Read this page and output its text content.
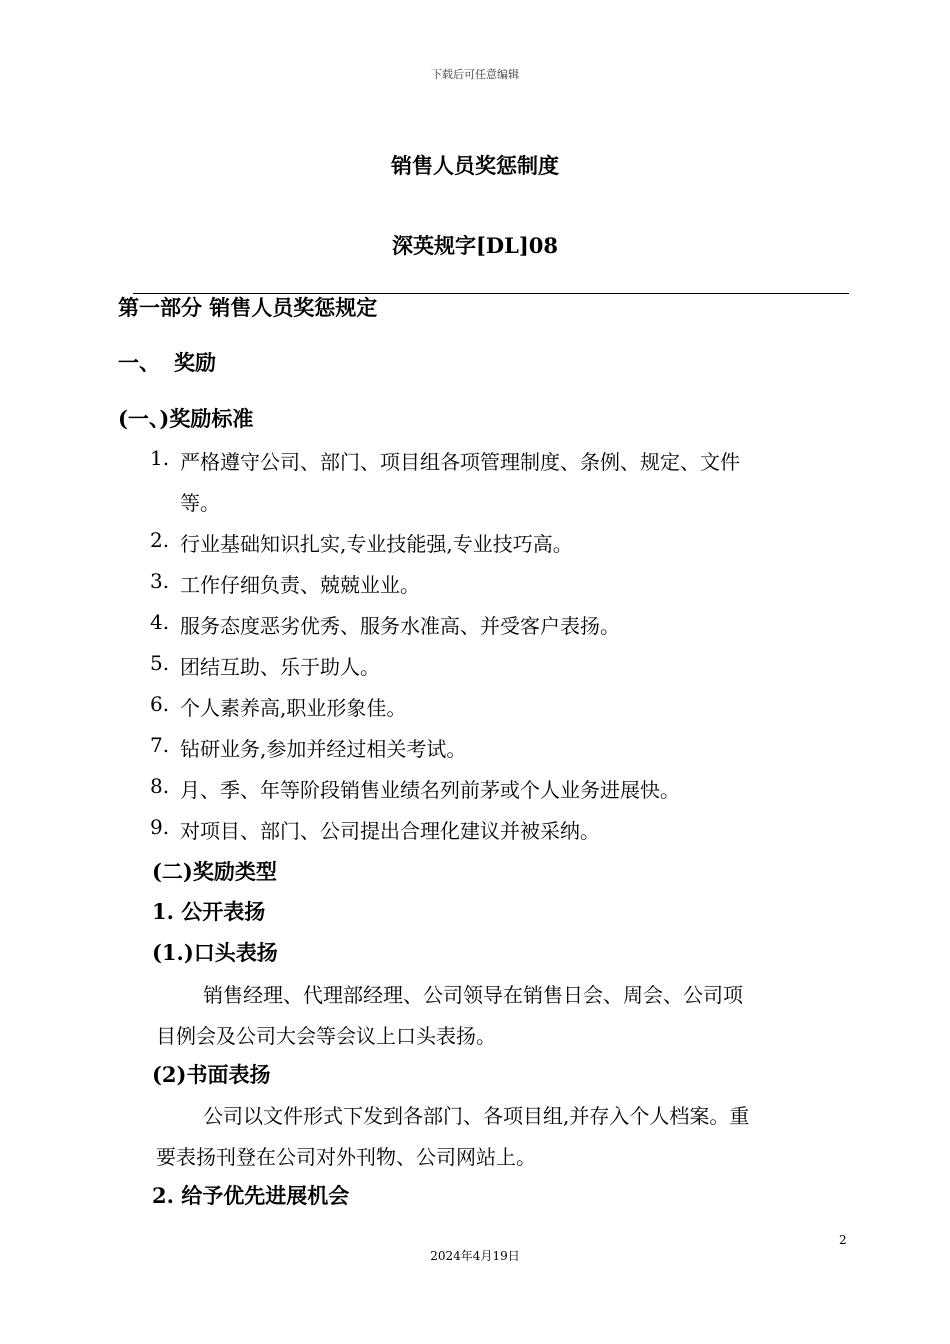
下载后可任意编辑
销售人员奖惩制度
深英规字[DL]08
第一部分 销售人员奖惩规定
一、 奖励
(一、)奖励标准
1. 严格遵守公司、部门、项目组各项管理制度、条例、规定、文件
等。
2. 行业基础知识扎实,专业技能强,专业技巧高。
3. 工作仔细负责、兢兢业业。
4. 服务态度恶劣优秀、服务水准高、并受客户表扬。
5. 团结互助、乐于助人。
6. 个人素养高,职业形象佳。
7. 钻研业务,参加并经过相关考试。
8. 月、季、年等阶段销售业绩名列前茅或个人业务进展快。
9. 对项目、部门、公司提出合理化建议并被采纳。
(二)奖励类型
1. 公开表扬
(1.)口头表扬
销售经理、代理部经理、公司领导在销售日会、周会、公司项
目例会及公司大会等会议上口头表扬。
(2)书面表扬
公司以文件形式下发到各部门、各项目组,并存入个人档案。重
要表扬刊登在公司对外刊物、公司网站上。
2. 给予优先进展机会
2
2024年4月19日
